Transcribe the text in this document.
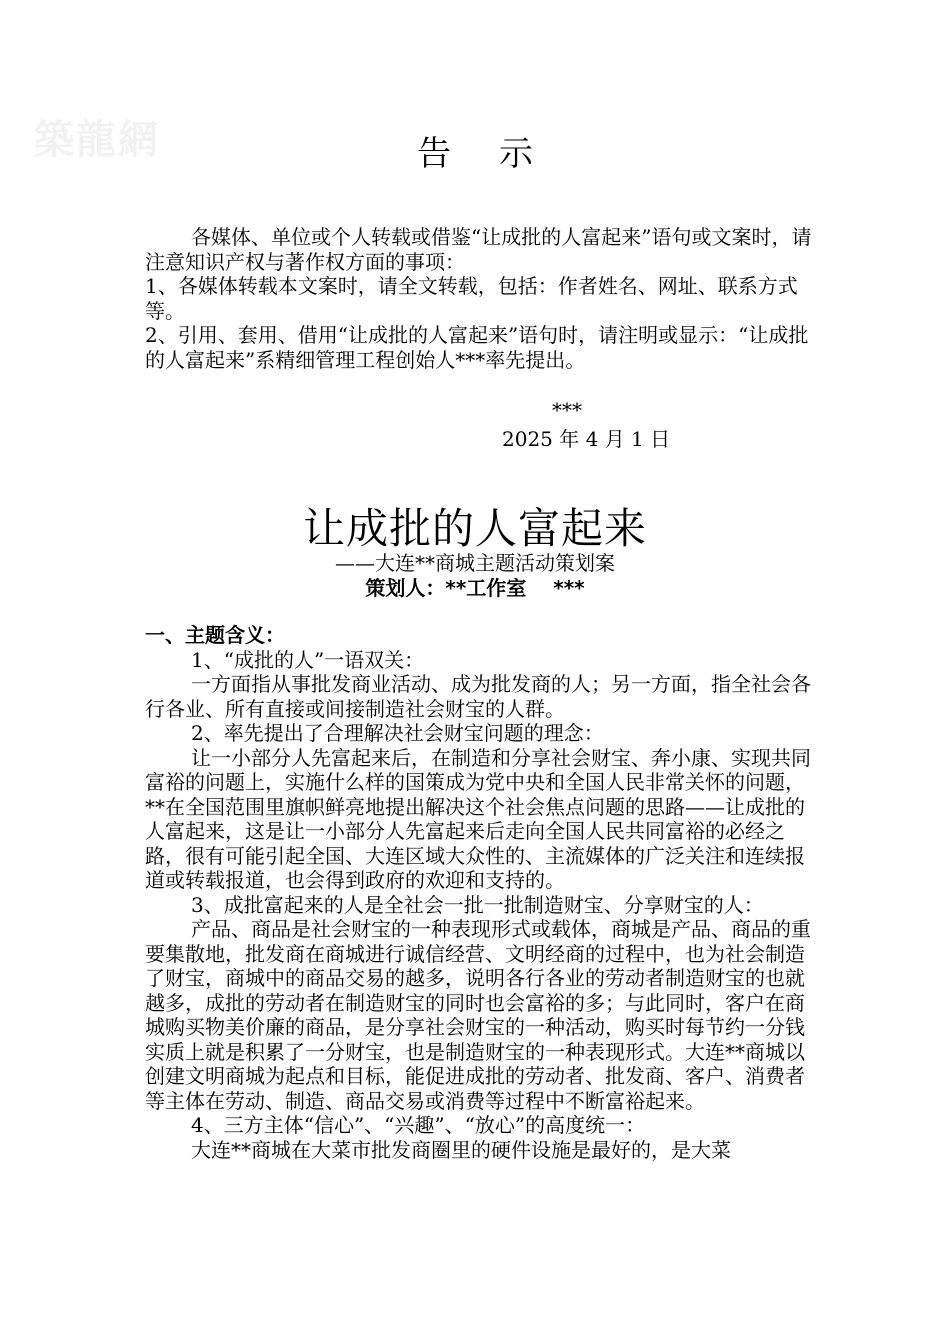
築龍網	告示

各媒体、单位或个人转载或借鉴“让成批的人富起来”语句或文案时，请注意知识产权与著作权方面的事项：

1、各媒体转载本文案时，请全文转载，包括：作者姓名、网址、联系方式等。

2、引用、套用、借用“让成批的人富起来”语句时，请注明或显示：“让成批的人富起来”系精细管理工程创始人***率先提出。

***
2025 年 4 月 1 日
让成批的人富起来
——大连**商城主题活动策划案
策划人：**工作室　 ***

一、主题含义：

1、“成批的人”一语双关：

一方面指从事批发商业活动、成为批发商的人；另一方面，指全社会各行各业、所有直接或间接制造社会财宝的人群。

2、率先提出了合理解决社会财宝问题的理念：

让一小部分人先富起来后，在制造和分享社会财宝、奔小康、实现共同富裕的问题上，实施什么样的国策成为党中央和全国人民非常关怀的问题，**在全国范围里旗帜鲜亮地提出解决这个社会焦点问题的思路——让成批的人富起来，这是让一小部分人先富起来后走向全国人民共同富裕的必经之路，很有可能引起全国、大连区域大众性的、主流媒体的广泛关注和连续报道或转载报道，也会得到政府的欢迎和支持的。

3、成批富起来的人是全社会一批一批制造财宝、分享财宝的人：

产品、商品是社会财宝的一种表现形式或载体，商城是产品、商品的重要集散地，批发商在商城进行诚信经营、文明经商的过程中，也为社会制造了财宝，商城中的商品交易的越多，说明各行各业的劳动者制造财宝的也就越多，成批的劳动者在制造财宝的同时也会富裕的多；与此同时，客户在商城购买物美价廉的商品，是分享社会财宝的一种活动，购买时每节约一分钱实质上就是积累了一分财宝，也是制造财宝的一种表现形式。大连**商城以创建文明商城为起点和目标，能促进成批的劳动者、批发商、客户、消费者等主体在劳动、制造、商品交易或消费等过程中不断富裕起来。

4、三方主体“信心”、“兴趣”、“放心”的高度统一：

大连**商城在大菜市批发商圈里的硬件设施是最好的，是大菜
